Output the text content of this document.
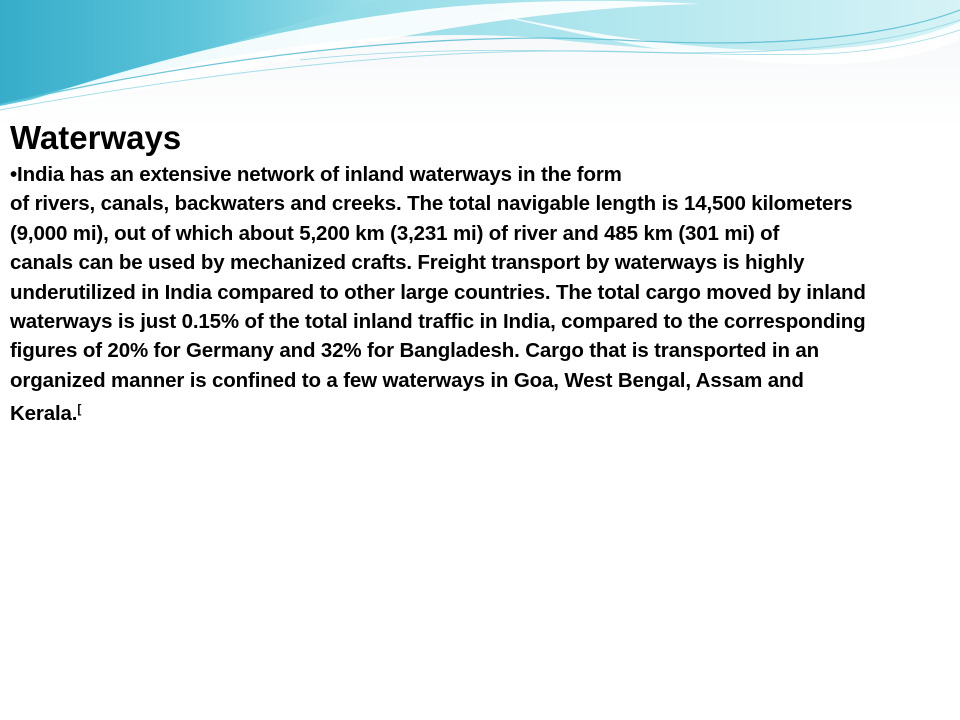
Waterways
•India has an extensive network of inland waterways in the form
of rivers, canals, backwaters and creeks. The total navigable length is 14,500 kilometers
(9,000 mi), out of which about 5,200 km (3,231 mi) of river and 485 km (301 mi) of
canals can be used by mechanized crafts. Freight transport by waterways is highly
underutilized in India compared to other large countries. The total cargo moved by inland
waterways is just 0.15% of the total inland traffic in India, compared to the corresponding
figures of 20% for Germany and 32% for Bangladesh. Cargo that is transported in an
organized manner is confined to a few waterways in Goa, West Bengal, Assam and
Kerala.[
